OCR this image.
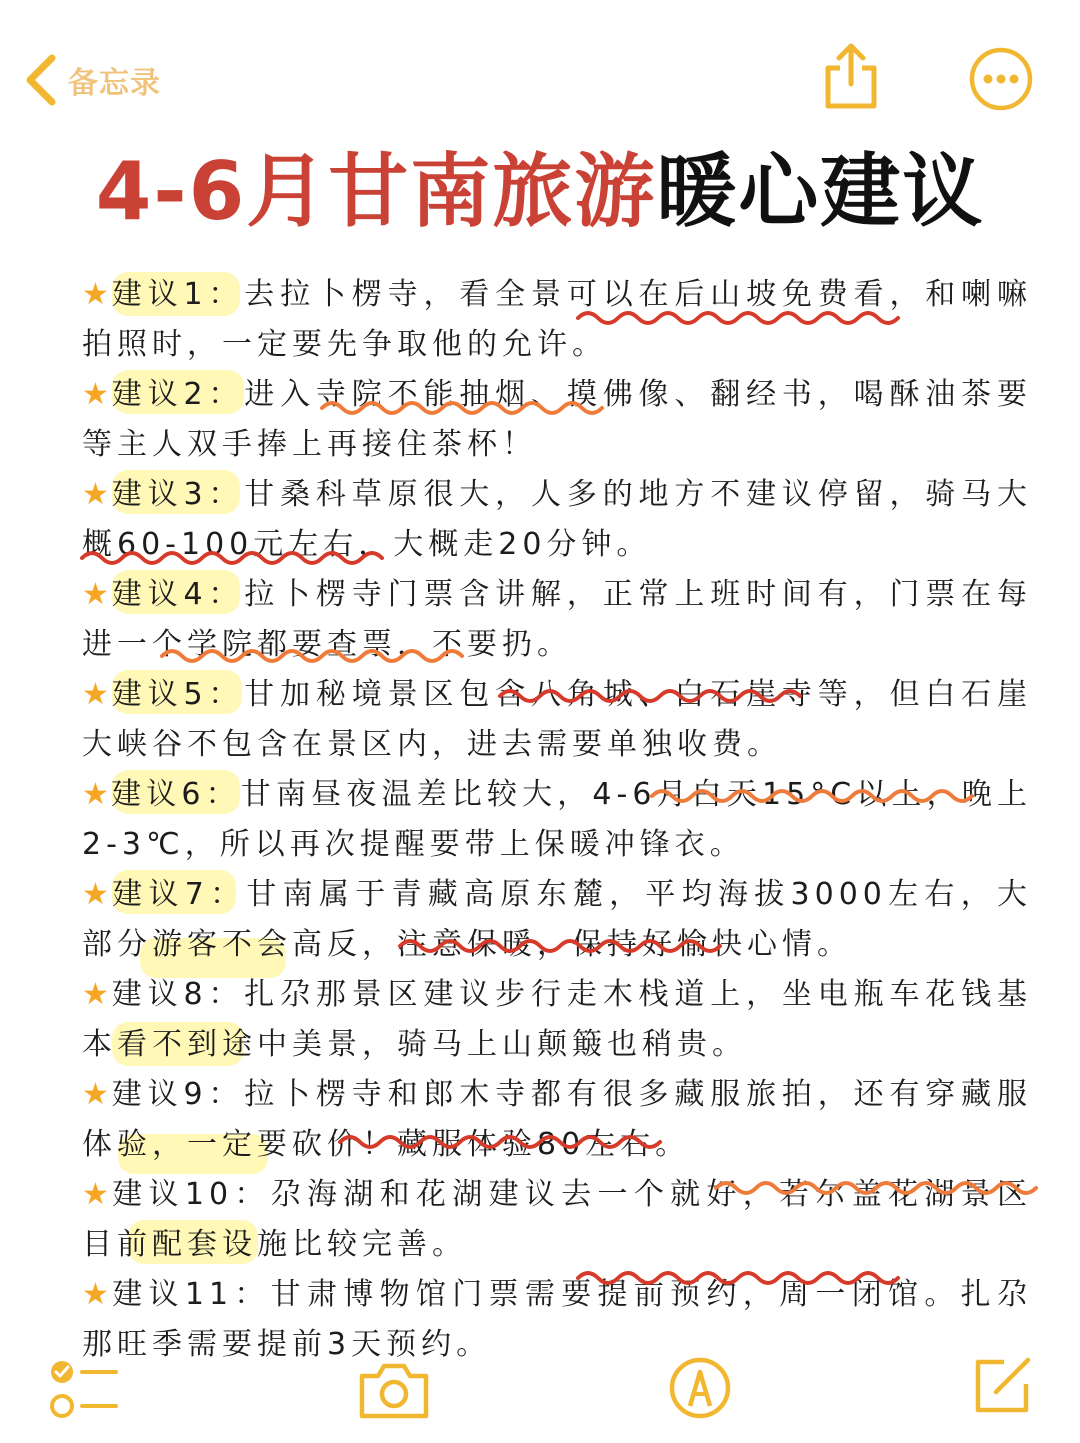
备忘录
4-6月甘南旅游暖心建议

★建议1：去拉卜楞寺，看全景可以在后山坡免费看，和喇嘛拍照时，一定要先争取他的允许。

★建议2：进入寺院不能抽烟、摸佛像、翻经书，喝酥油茶要等主人双手捧上再接住茶杯！

★建议3：甘桑科草原很大，人多的地方不建议停留，骑马大概60-100元左右，大概走20分钟。

★建议4：拉卜楞寺门票含讲解，正常上班时间有，门票在每进一个学院都要查票，不要扔。

★建议5：甘加秘境景区包含八角城、白石崖寺等，但白石崖大峡谷不包含在景区内，进去需要单独收费。

★建议6：甘南昼夜温差比较大，4-6月白天15°C以上，晚上2-3℃，所以再次提醒要带上保暖冲锋衣。

★建议7：甘南属于青藏高原东麓，平均海拔3000左右，大部分游客不会高反，注意保暖，保持好愉快心情。

★建议8：扎尕那景区建议步行走木栈道上，坐电瓶车花钱基本看不到途中美景，骑马上山颠簸也稍贵。

★建议9：拉卜楞寺和郎木寺都有很多藏服旅拍，还有穿藏服体验，一定要砍价！藏服体验80左右。

★建议10：尕海湖和花湖建议去一个就好，若尔盖花湖景区目前配套设施比较完善。

★建议11：甘肃博物馆门票需要提前预约，周一闭馆。扎尕那旺季需要提前3天预约。
